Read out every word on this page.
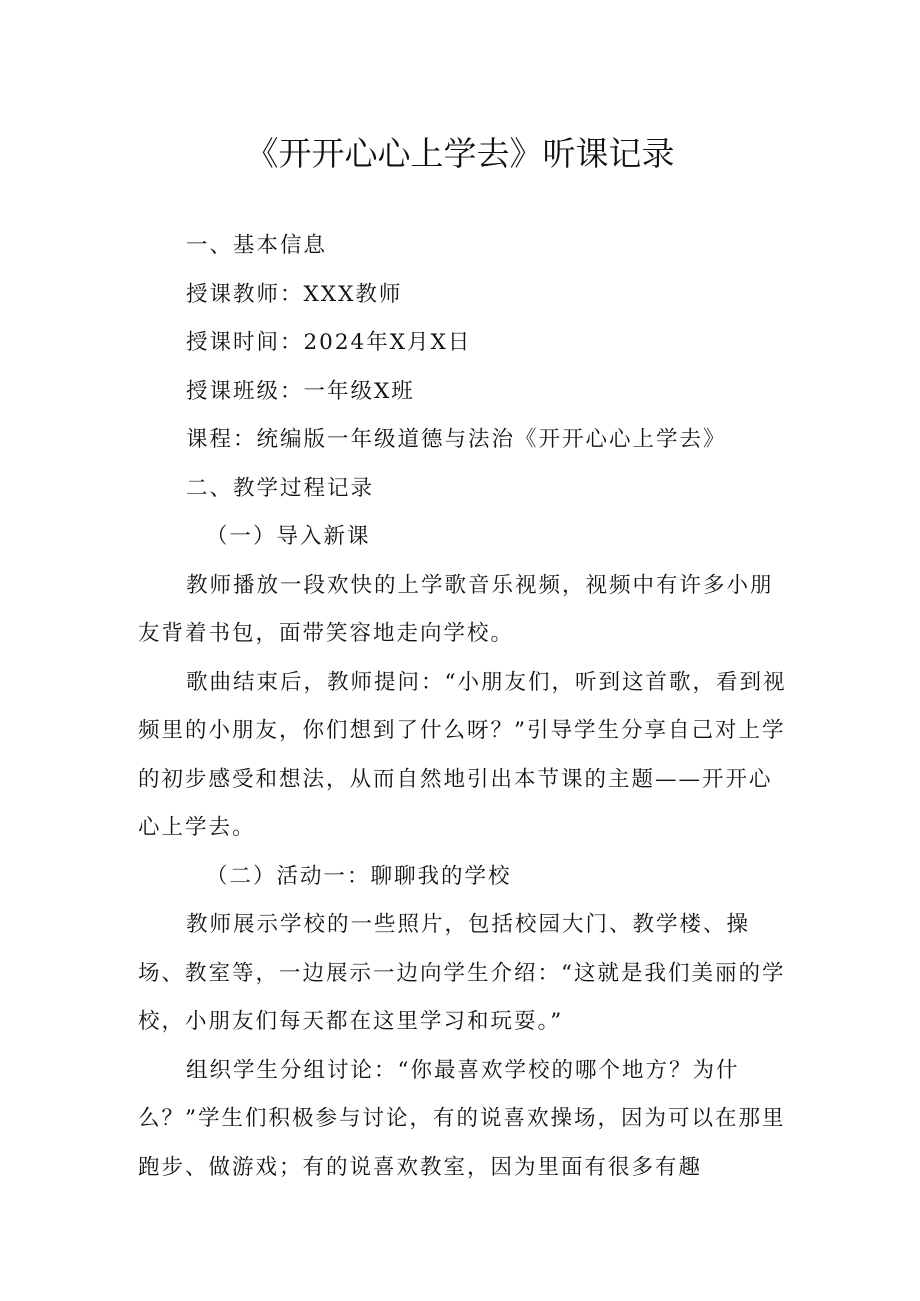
《开开心心上学去》听课记录

一、基本信息

授课教师：XXX教师

授课时间：2024年X月X日

授课班级：一年级X班

课程：统编版一年级道德与法治《开开心心上学去》

二、教学过程记录

（一）导入新课

教师播放一段欢快的上学歌音乐视频，视频中有许多小朋友背着书包，面带笑容地走向学校。

歌曲结束后，教师提问：“小朋友们，听到这首歌，看到视频里的小朋友，你们想到了什么呀？”引导学生分享自己对上学的初步感受和想法，从而自然地引出本节课的主题——开开心心上学去。

（二）活动一：聊聊我的学校

教师展示学校的一些照片，包括校园大门、教学楼、操场、教室等，一边展示一边向学生介绍：“这就是我们美丽的学校，小朋友们每天都在这里学习和玩耍。”

组织学生分组讨论：“你最喜欢学校的哪个地方？为什么？”学生们积极参与讨论，有的说喜欢操场，因为可以在那里跑步、做游戏；有的说喜欢教室，因为里面有很多有趣
